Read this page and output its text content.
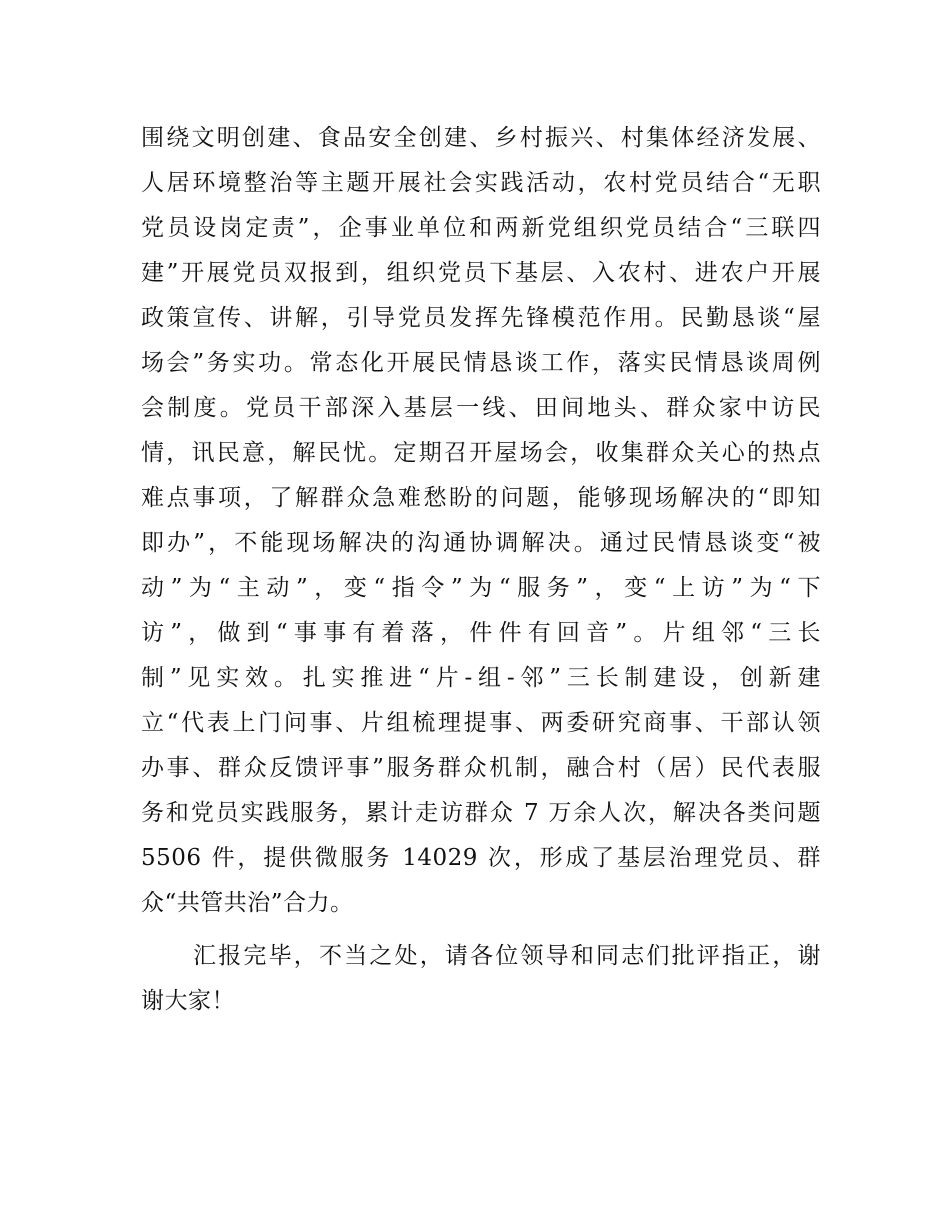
围绕文明创建、食品安全创建、乡村振兴、村集体经济发展、
人居环境整治等主题开展社会实践活动，农村党员结合“无职
党员设岗定责”，企事业单位和两新党组织党员结合“三联四
建”开展党员双报到，组织党员下基层、入农村、进农户开展
政策宣传、讲解，引导党员发挥先锋模范作用。民勤恳谈“屋
场会”务实功。常态化开展民情恳谈工作，落实民情恳谈周例
会制度。党员干部深入基层一线、田间地头、群众家中访民
情，讯民意，解民忧。定期召开屋场会，收集群众关心的热点
难点事项，了解群众急难愁盼的问题，能够现场解决的“即知
即办”，不能现场解决的沟通协调解决。通过民情恳谈变“被
动”为“主动”，变“指令”为“服务”，变“上访”为“下
访”，做到“事事有着落，件件有回音”。片组邻“三长
制”见实效。扎实推进“片-组-邻”三长制建设，创新建
立“代表上门问事、片组梳理提事、两委研究商事、干部认领
办事、群众反馈评事”服务群众机制，融合村（居）民代表服
务和党员实践服务，累计走访群众 7 万余人次，解决各类问题
5506 件，提供微服务 14029 次，形成了基层治理党员、群
众“共管共治”合力。
汇报完毕，不当之处，请各位领导和同志们批评指正，谢
谢大家！
